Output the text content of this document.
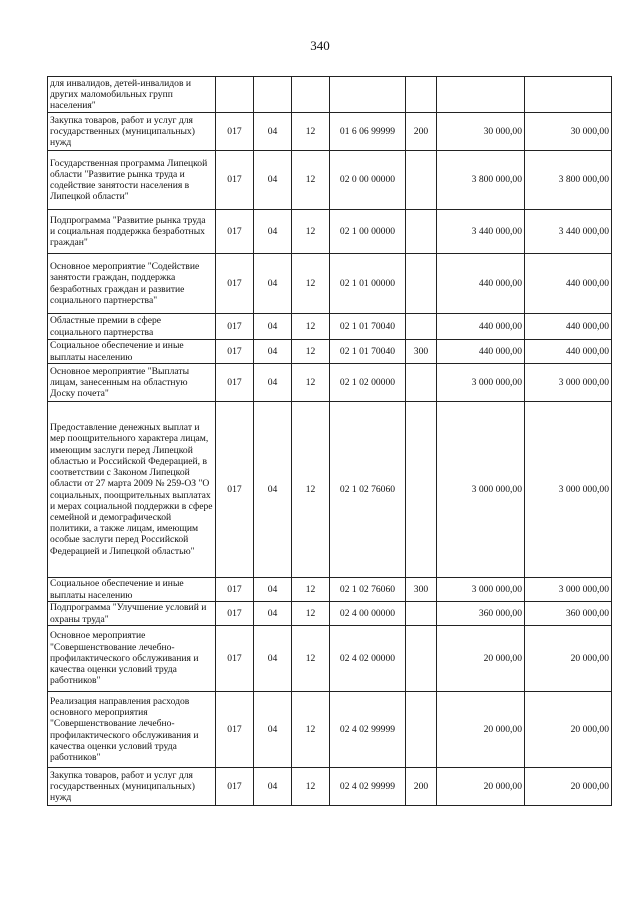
340
для инвалидов, детей-инвалидов и других маломобильных групп населения"							
Закупка товаров, работ и услуг для государственных (муниципальных) нужд	017	04	12	01 6 06 99999	200	30 000,00	30 000,00
Государственная программа Липецкой области "Развитие рынка труда и содействие занятости населения в Липецкой области"	017	04	12	02 0 00 00000		3 800 000,00	3 800 000,00
Подпрограмма "Развитие рынка труда и социальная поддержка безработных граждан"	017	04	12	02 1 00 00000		3 440 000,00	3 440 000,00
Основное мероприятие "Содействие занятости граждан, поддержка безработных граждан и развитие социального партнерства"	017	04	12	02 1 01 00000		440 000,00	440 000,00
Областные премии в сфере социального партнерства	017	04	12	02 1 01 70040		440 000,00	440 000,00
Социальное обеспечение и иные выплаты населению	017	04	12	02 1 01 70040	300	440 000,00	440 000,00
Основное мероприятие "Выплаты лицам, занесенным на областную Доску почета"	017	04	12	02 1 02 00000		3 000 000,00	3 000 000,00
Предоставление денежных выплат и мер поощрительного характера лицам, имеющим заслуги перед Липецкой областью и Российской Федерацией, в соответствии с Законом Липецкой области от 27 марта 2009 № 259-ОЗ "О социальных, поощрительных выплатах и мерах социальной поддержки в сфере семейной и демографической политики, а также лицам, имеющим особые заслуги перед Российской Федерацией и Липецкой областью"	017	04	12	02 1 02 76060		3 000 000,00	3 000 000,00
Социальное обеспечение и иные выплаты населению	017	04	12	02 1 02 76060	300	3 000 000,00	3 000 000,00
Подпрограмма "Улучшение условий и охраны труда"	017	04	12	02 4 00 00000		360 000,00	360 000,00
Основное мероприятие "Совершенствование лечебно-профилактического обслуживания и качества оценки условий труда работников"	017	04	12	02 4 02 00000		20 000,00	20 000,00
Реализация направления расходов основного мероприятия "Совершенствование лечебно-профилактического обслуживания и качества оценки условий труда работников"	017	04	12	02 4 02 99999		20 000,00	20 000,00
Закупка товаров, работ и услуг для государственных (муниципальных) нужд	017	04	12	02 4 02 99999	200	20 000,00	20 000,00
